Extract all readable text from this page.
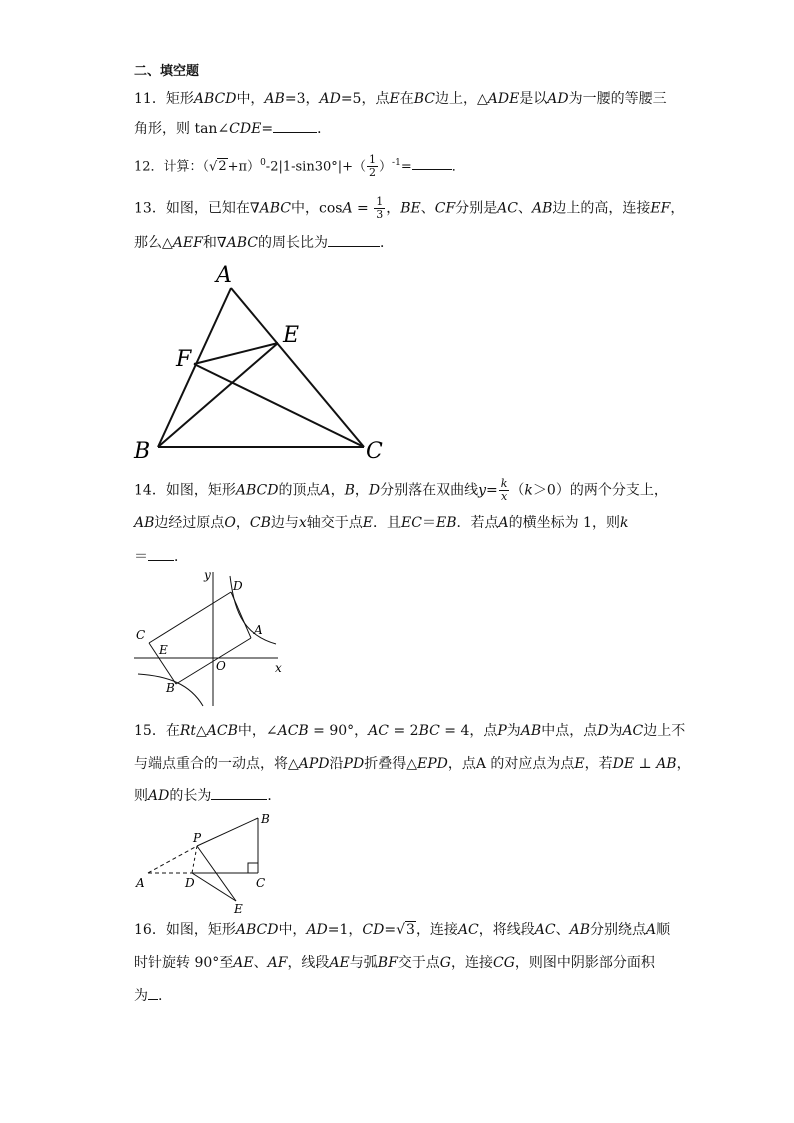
二、填空题
11．矩形ABCD中，AB=3，AD=5，点E在BC边上，△ADE是以AD为一腰的等腰三
角形，则 tan∠CDE=	．
12．计算：$(√2+\pi)^0-2|1-\sin 30^\circ|+( \frac{1}{2} )^{-1}=$	．
13．如图，已知在∇ABC中，$\cos A = \frac{1}{3}$ ，BE、CF分别是AC、AB边上的高，连接EF，
那么△AEF和∇ABC的周长比为	．
A
E
F
B	C
14．如图，矩形ABCD的顶点A，B，D分别落在双曲线$y= \frac{k}{x} (k>0)$的两个分支上，
AB边经过原点O，CB边与x轴交于点E．且EC＝EB．若点A的横坐标为 1，则k
＝ ．
y
D
A
C
E
O	x
B
15．在Rt△ACB中，∠ACB = 90°，AC = 2BC = 4，点P为AB中点，点D为AC边上不
与端点重合的一动点，将△APD沿PD折叠得△EPD，点A 的对应点为点E，若DE ⊥ AB，
则AD的长为	．
P
B
A	D	C
E
16．如图，矩形ABCD中，AD=1，CD=√3，连接AC，将线段AC、AB分别绕点A顺
时针旋转 90°至AE、AF，线段AE与弧BF交于点G，连接CG，则图中阴影部分面积
为 .
